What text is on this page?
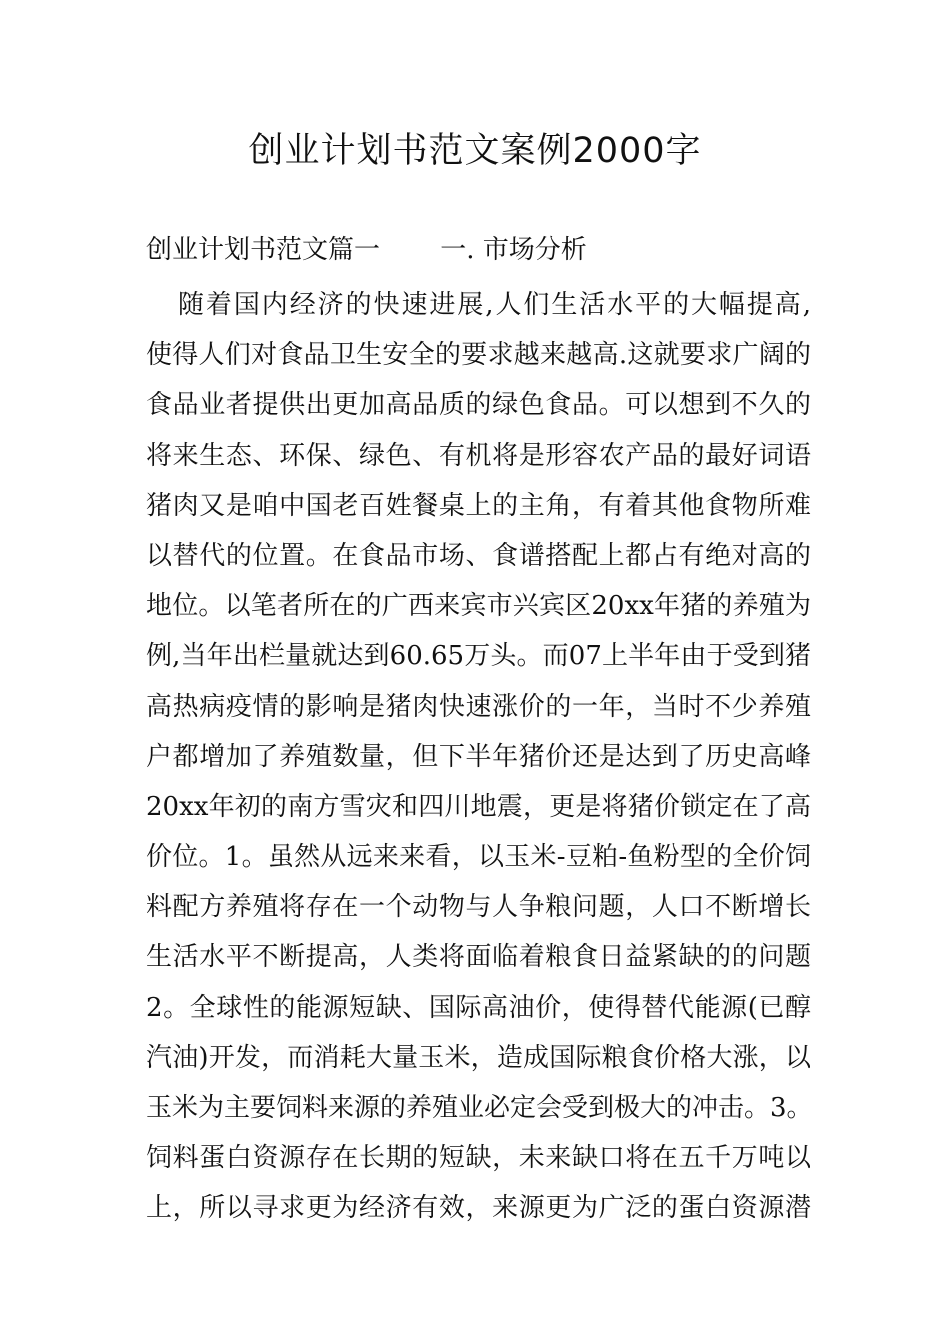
创业计划书范文案例2000字
创业计划书范文篇一 一. 市场分析
随着国内经济的快速进展,人们生活水平的大幅提高,
使得人们对食品卫生安全的要求越来越高.这就要求广阔的
食品业者提供出更加高品质的绿色食品。可以想到不久的
将来生态、环保、绿色、有机将是形容农产品的最好词语
猪肉又是咱中国老百姓餐桌上的主角，有着其他食物所难
以替代的位置。在食品市场、食谱搭配上都占有绝对高的
地位。以笔者所在的广西来宾市兴宾区20xx年猪的养殖为
例,当年出栏量就达到60.65万头。而07上半年由于受到猪
高热病疫情的影响是猪肉快速涨价的一年，当时不少养殖
户都增加了养殖数量，但下半年猪价还是达到了历史高峰
20xx年初的南方雪灾和四川地震，更是将猪价锁定在了高
价位。1。虽然从远来来看，以玉米-豆粕-鱼粉型的全价饲
料配方养殖将存在一个动物与人争粮问题，人口不断增长
生活水平不断提高，人类将面临着粮食日益紧缺的的问题
2。全球性的能源短缺、国际高油价，使得替代能源(已醇
汽油)开发，而消耗大量玉米，造成国际粮食价格大涨，以
玉米为主要饲料来源的养殖业必定会受到极大的冲击。3。
饲料蛋白资源存在长期的短缺，未来缺口将在五千万吨以
上，所以寻求更为经济有效，来源更为广泛的蛋白资源潜
